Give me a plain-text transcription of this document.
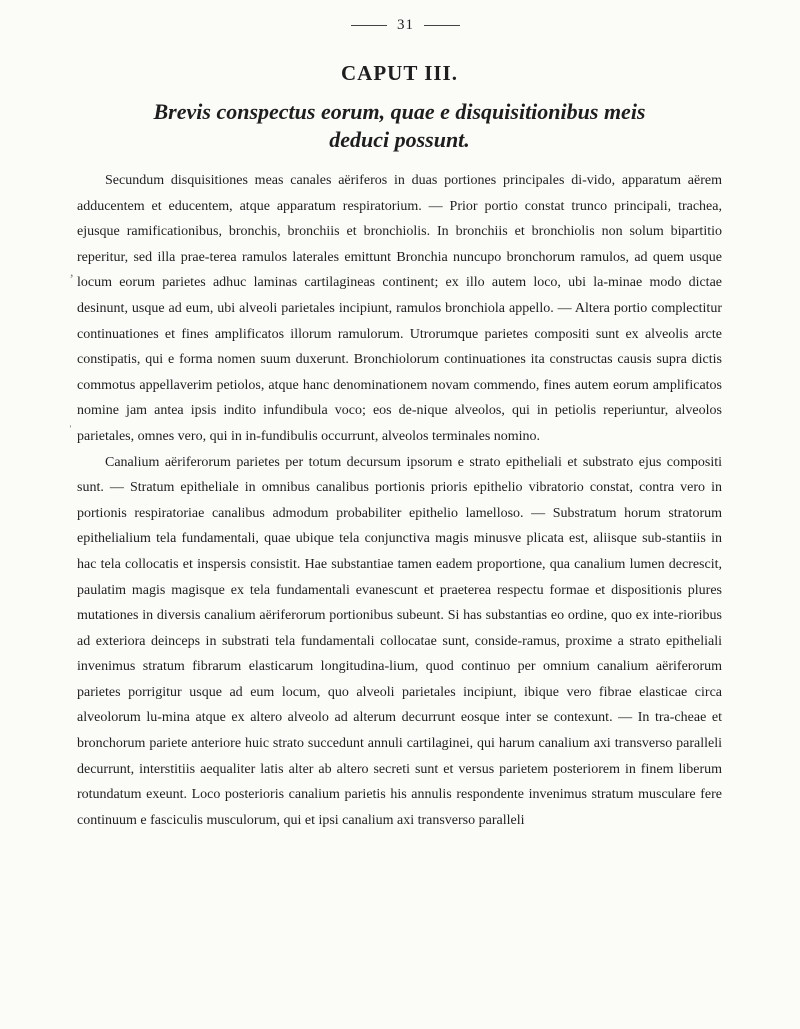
31
CAPUT III.
Brevis conspectus eorum, quae e disquisitionibus meis
deduci possunt.

Secundum disquisitiones meas canales aëriferos in duas portiones principales di-vido, apparatum aërem adducentem et educentem, atque apparatum respiratorium. — Prior portio constat trunco principali, trachea, ejusque ramificationibus, bronchis, bronchiis et bronchiolis. In bronchiis et bronchiolis non solum bipartitio reperitur, sed illa prae-terea ramulos laterales emittunt Bronchia nuncupo bronchorum ramulos, ad quem usque locum eorum parietes adhuc laminas cartilagineas continent; ex illo autem loco, ubi la-minae modo dictae desinunt, usque ad eum, ubi alveoli parietales incipiunt, ramulos bronchiola appello. — Altera portio complectitur continuationes et fines amplificatos illorum ramulorum. Utrorumque parietes compositi sunt ex alveolis arcte constipatis, qui e forma nomen suum duxerunt. Bronchiolorum continuationes ita constructas causis supra dictis commotus appellaverim petiolos, atque hanc denominationem novam commendo, fines autem eorum amplificatos nomine jam antea ipsis indito infundibula voco; eos de-nique alveolos, qui in petiolis reperiuntur, alveolos parietales, omnes vero, qui in in-fundibulis occurrunt, alveolos terminales nomino.

Canalium aëriferorum parietes per totum decursum ipsorum e strato epitheliali et substrato ejus compositi sunt. — Stratum epitheliale in omnibus canalibus portionis prioris epithelio vibratorio constat, contra vero in portionis respiratoriae canalibus admodum probabiliter epithelio lamelloso. — Substratum horum stratorum epithelialium tela fundamentali, quae ubique tela conjunctiva magis minusve plicata est, aliisque sub-stantiis in hac tela collocatis et inspersis consistit. Hae substantiae tamen eadem proportione, qua canalium lumen decrescit, paulatim magis magisque ex tela fundamentali evanescunt et praeterea respectu formae et dispositionis plures mutationes in diversis canalium aëriferorum portionibus subeunt. Si has substantias eo ordine, quo ex inte-rioribus ad exteriora deinceps in substrati tela fundamentali collocatae sunt, conside-ramus, proxime a strato epitheliali invenimus stratum fibrarum elasticarum longitudina-lium, quod continuo per omnium canalium aëriferorum parietes porrigitur usque ad eum locum, quo alveoli parietales incipiunt, ibique vero fibrae elasticae circa alveolorum lu-mina atque ex altero alveolo ad alterum decurrunt eosque inter se contexunt. — In tra-cheae et bronchorum pariete anteriore huic strato succedunt annuli cartilaginei, qui harum canalium axi transverso paralleli decurrunt, interstitiis aequaliter latis alter ab altero secreti sunt et versus parietem posteriorem in finem liberum rotundatum exeunt. Loco posterioris canalium parietis his annulis respondente invenimus stratum musculare fere continuum e fasciculis musculorum, qui et ipsi canalium axi transverso paralleli

,
ˈ
